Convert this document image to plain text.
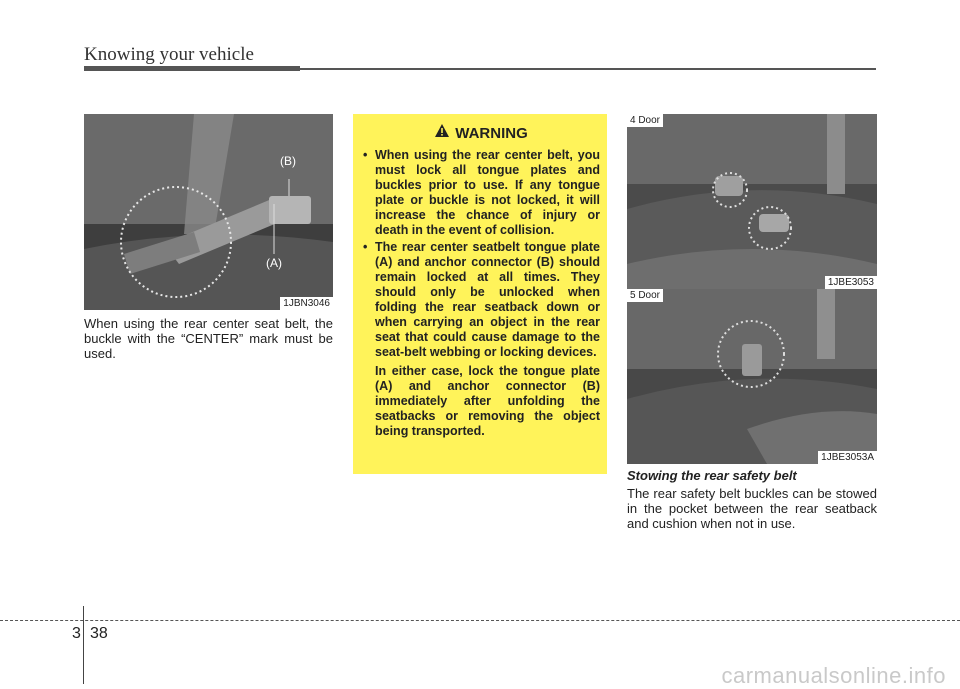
Knowing your vehicle
(B)
(A)
1JBN3046
When using the rear center seat belt, the buckle with the “CENTER” mark must be used.
WARNING
• When using the rear center belt, you must lock all tongue plates and buckles prior to use. If any tongue plate or buckle is not locked, it will increase the chance of injury or death in the event of collision.
• The rear center seatbelt tongue plate (A) and anchor connector (B) should remain locked at all times. They should only be unlocked when folding the rear seatback down or when carrying an object in the rear seat that could cause damage to the seat-belt webbing or locking devices.
In either case, lock the tongue plate (A) and anchor connector (B) immediately after unfolding the seatbacks or removing the object being transported.
4 Door
1JBE3053
5 Door
1JBE3053A
Stowing the rear safety belt
The rear safety belt buckles can be stowed in the pocket between the rear seatback and cushion when not in use.
3 38
carmanualsonline.info
